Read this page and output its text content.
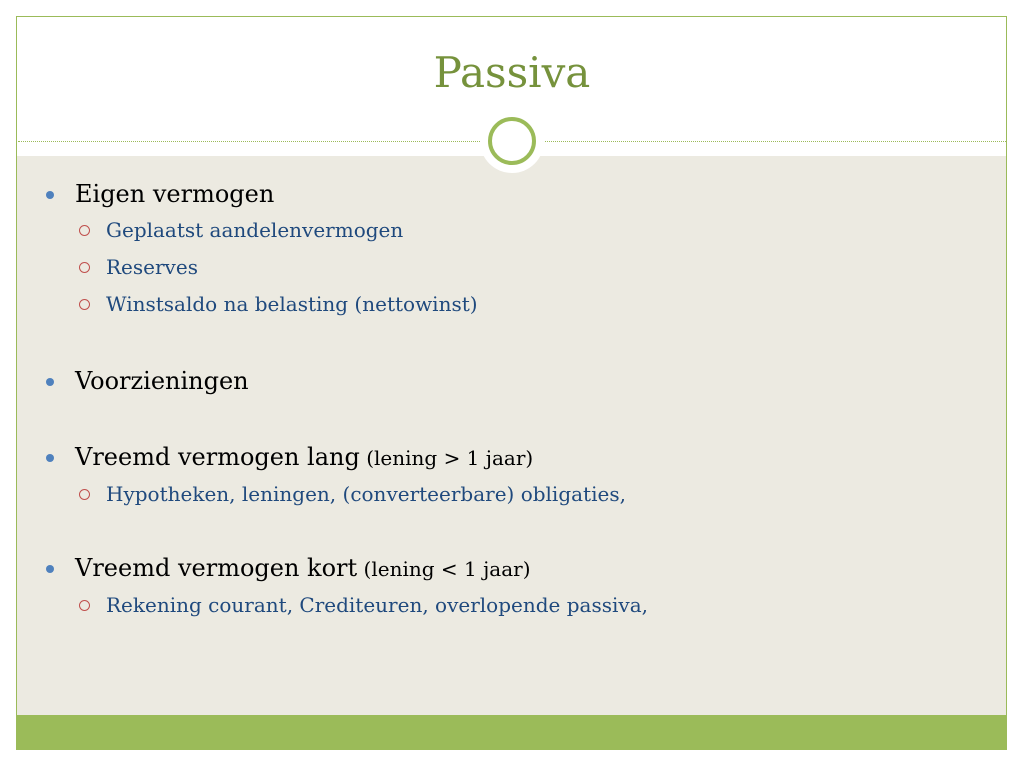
Passiva
Eigen vermogen
Geplaatst aandelenvermogen
Reserves
Winstsaldo na belasting (nettowinst)
Voorzieningen
Vreemd vermogen lang (lening > 1 jaar)
Hypotheken, leningen, (converteerbare) obligaties,
Vreemd vermogen kort (lening < 1 jaar)
Rekening courant, Crediteuren, overlopende passiva,
